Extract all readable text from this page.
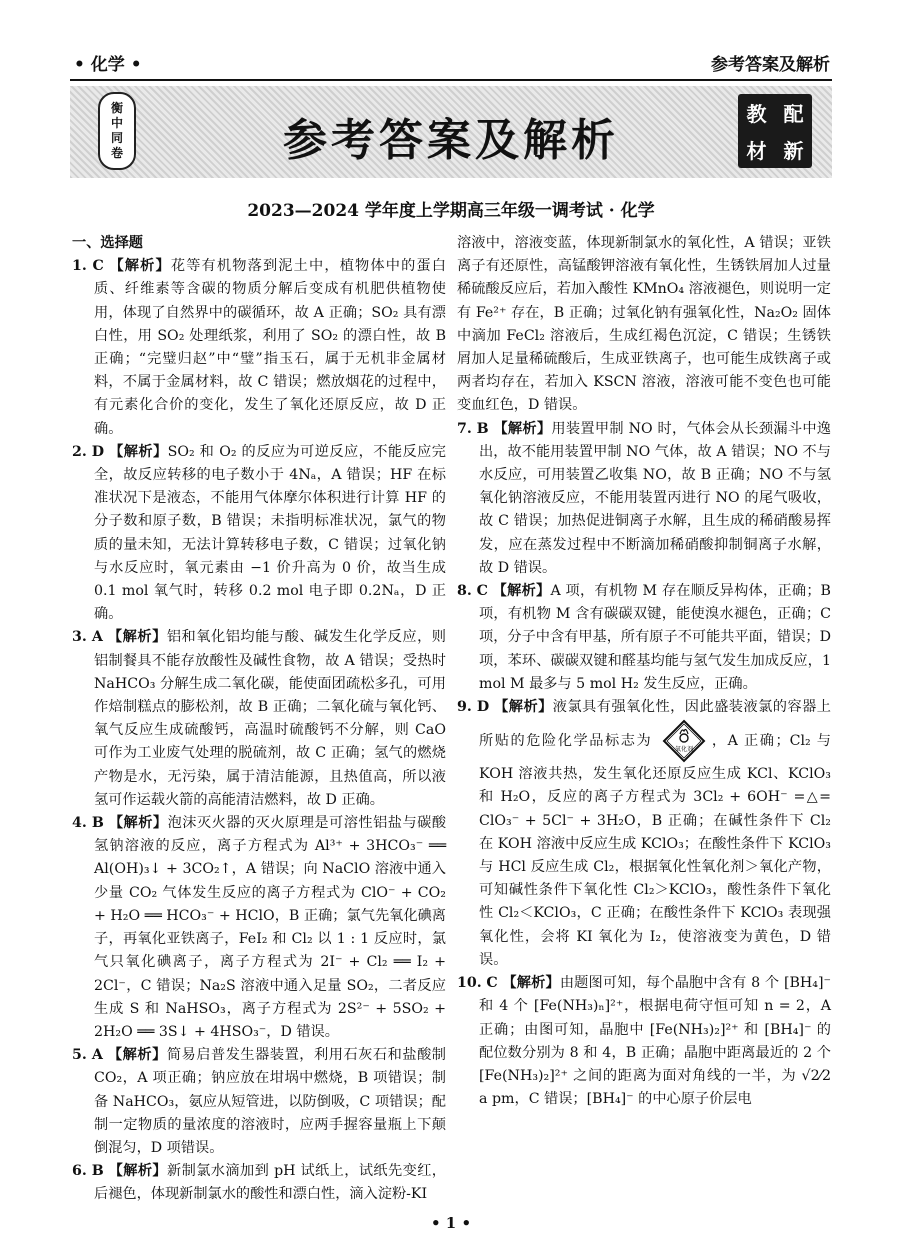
• 化学 •	参考答案及解析
衡
中
同
卷	参考答案及解析
教 配
材 新
2023—2024 学年度上学期高三年级一调考试 · 化学

一、选择题

1. C 【解析】花等有机物落到泥土中，植物体中的蛋白质、纤维素等含碳的物质分解后变成有机肥供植物使用，体现了自然界中的碳循环，故 A 正确；SO₂ 具有漂白性，用 SO₂ 处理纸浆，利用了 SO₂ 的漂白性，故 B 正确；“完璧归赵”中“璧”指玉石，属于无机非金属材料，不属于金属材料，故 C 错误；燃放烟花的过程中，有元素化合价的变化，发生了氧化还原反应，故 D 正确。

2. D 【解析】SO₂ 和 O₂ 的反应为可逆反应，不能反应完全，故反应转移的电子数小于 4Nₐ，A 错误；HF 在标准状况下是液态，不能用气体摩尔体积进行计算 HF 的分子数和原子数，B 错误；未指明标准状况，氯气的物质的量未知，无法计算转移电子数，C 错误；过氧化钠与水反应时，氧元素由 −1 价升高为 0 价，故当生成 0.1 mol 氧气时，转移 0.2 mol 电子即 0.2Nₐ，D 正确。

3. A 【解析】铝和氧化铝均能与酸、碱发生化学反应，则铝制餐具不能存放酸性及碱性食物，故 A 错误；受热时 NaHCO₃ 分解生成二氧化碳，能使面团疏松多孔，可用作焙制糕点的膨松剂，故 B 正确；二氧化硫与氧化钙、氧气反应生成硫酸钙，高温时硫酸钙不分解，则 CaO 可作为工业废气处理的脱硫剂，故 C 正确；氢气的燃烧产物是水，无污染，属于清洁能源，且热值高，所以液氢可作运载火箭的高能清洁燃料，故 D 正确。

4. B 【解析】泡沫灭火器的灭火原理是可溶性铝盐与碳酸氢钠溶液的反应，离子方程式为 Al³⁺ + 3HCO₃⁻ ══ Al(OH)₃↓ + 3CO₂↑，A 错误；向 NaClO 溶液中通入少量 CO₂ 气体发生反应的离子方程式为 ClO⁻ + CO₂ + H₂O ══ HCO₃⁻ + HClO，B 正确；氯气先氧化碘离子，再氧化亚铁离子，FeI₂ 和 Cl₂ 以 1 : 1 反应时，氯气只氧化碘离子，离子方程式为 2I⁻ + Cl₂ ══ I₂ + 2Cl⁻，C 错误；Na₂S 溶液中通入足量 SO₂，二者反应生成 S 和 NaHSO₃，离子方程式为 2S²⁻ + 5SO₂ + 2H₂O ══ 3S↓ + 4HSO₃⁻，D 错误。

5. A 【解析】简易启普发生器装置，利用石灰石和盐酸制 CO₂，A 项正确；钠应放在坩埚中燃烧，B 项错误；制备 NaHCO₃，氨应从短管进，以防倒吸，C 项错误；配制一定物质的量浓度的溶液时，应两手握容量瓶上下颠倒混匀，D 项错误。

6. B 【解析】新制氯水滴加到 pH 试纸上，试纸先变红，后褪色，体现新制氯水的酸性和漂白性，滴入淀粉-KI

溶液中，溶液变蓝，体现新制氯水的氧化性，A 错误；亚铁离子有还原性，高锰酸钾溶液有氧化性，生锈铁屑加人过量稀硫酸反应后，若加入酸性 KMnO₄ 溶液褪色，则说明一定有 Fe²⁺ 存在，B 正确；过氧化钠有强氧化性，Na₂O₂ 固体中滴加 FeCl₂ 溶液后，生成红褐色沉淀，C 错误；生锈铁屑加人足量稀硫酸后，生成亚铁离子，也可能生成铁离子或两者均存在，若加入 KSCN 溶液，溶液可能不变色也可能变血红色，D 错误。

7. B 【解析】用装置甲制 NO 时，气体会从长颈漏斗中逸出，故不能用装置甲制 NO 气体，故 A 错误；NO 不与水反应，可用装置乙收集 NO，故 B 正确；NO 不与氢氧化钠溶液反应，不能用装置丙进行 NO 的尾气吸收，故 C 错误；加热促进铜离子水解，且生成的稀硝酸易挥发，应在蒸发过程中不断滴加稀硝酸抑制铜离子水解，故 D 错误。

8. C 【解析】A 项，有机物 M 存在顺反异构体，正确；B 项，有机物 M 含有碳碳双键，能使溴水褪色，正确；C 项，分子中含有甲基，所有原子不可能共平面，错误；D 项，苯环、碳碳双键和醛基均能与氢气发生加成反应，1 mol M 最多与 5 mol H₂ 发生反应，正确。

9. D 【解析】液氯具有强氧化性，因此盛装液氯的容器上所贴的危险化学品标志为
氧化剂
，A 正确；Cl₂ 与 KOH 溶液共热，发生氧化还原反应生成 KCl、KClO₃ 和 H₂O，反应的离子方程式为 3Cl₂ + 6OH⁻ =△= ClO₃⁻ + 5Cl⁻ + 3H₂O，B 正确；在碱性条件下 Cl₂ 在 KOH 溶液中反应生成 KClO₃；在酸性条件下 KClO₃ 与 HCl 反应生成 Cl₂，根据氧化性氧化剂＞氧化产物，可知碱性条件下氧化性 Cl₂＞KClO₃，酸性条件下氧化性 Cl₂＜KClO₃，C 正确；在酸性条件下 KClO₃ 表现强氧化性，会将 KI 氧化为 I₂，使溶液变为黄色，D 错误。

10. C 【解析】由题图可知，每个晶胞中含有 8 个 [BH₄]⁻ 和 4 个 [Fe(NH₃)ₙ]²⁺，根据电荷守恒可知 n = 2，A 正确；由图可知，晶胞中 [Fe(NH₃)₂]²⁺ 和 [BH₄]⁻ 的配位数分别为 8 和 4，B 正确；晶胞中距离最近的 2 个 [Fe(NH₃)₂]²⁺ 之间的距离为面对角线的一半，为 √2⁄2 a pm，C 错误；[BH₄]⁻ 的中心原子价层电

• 1 •
